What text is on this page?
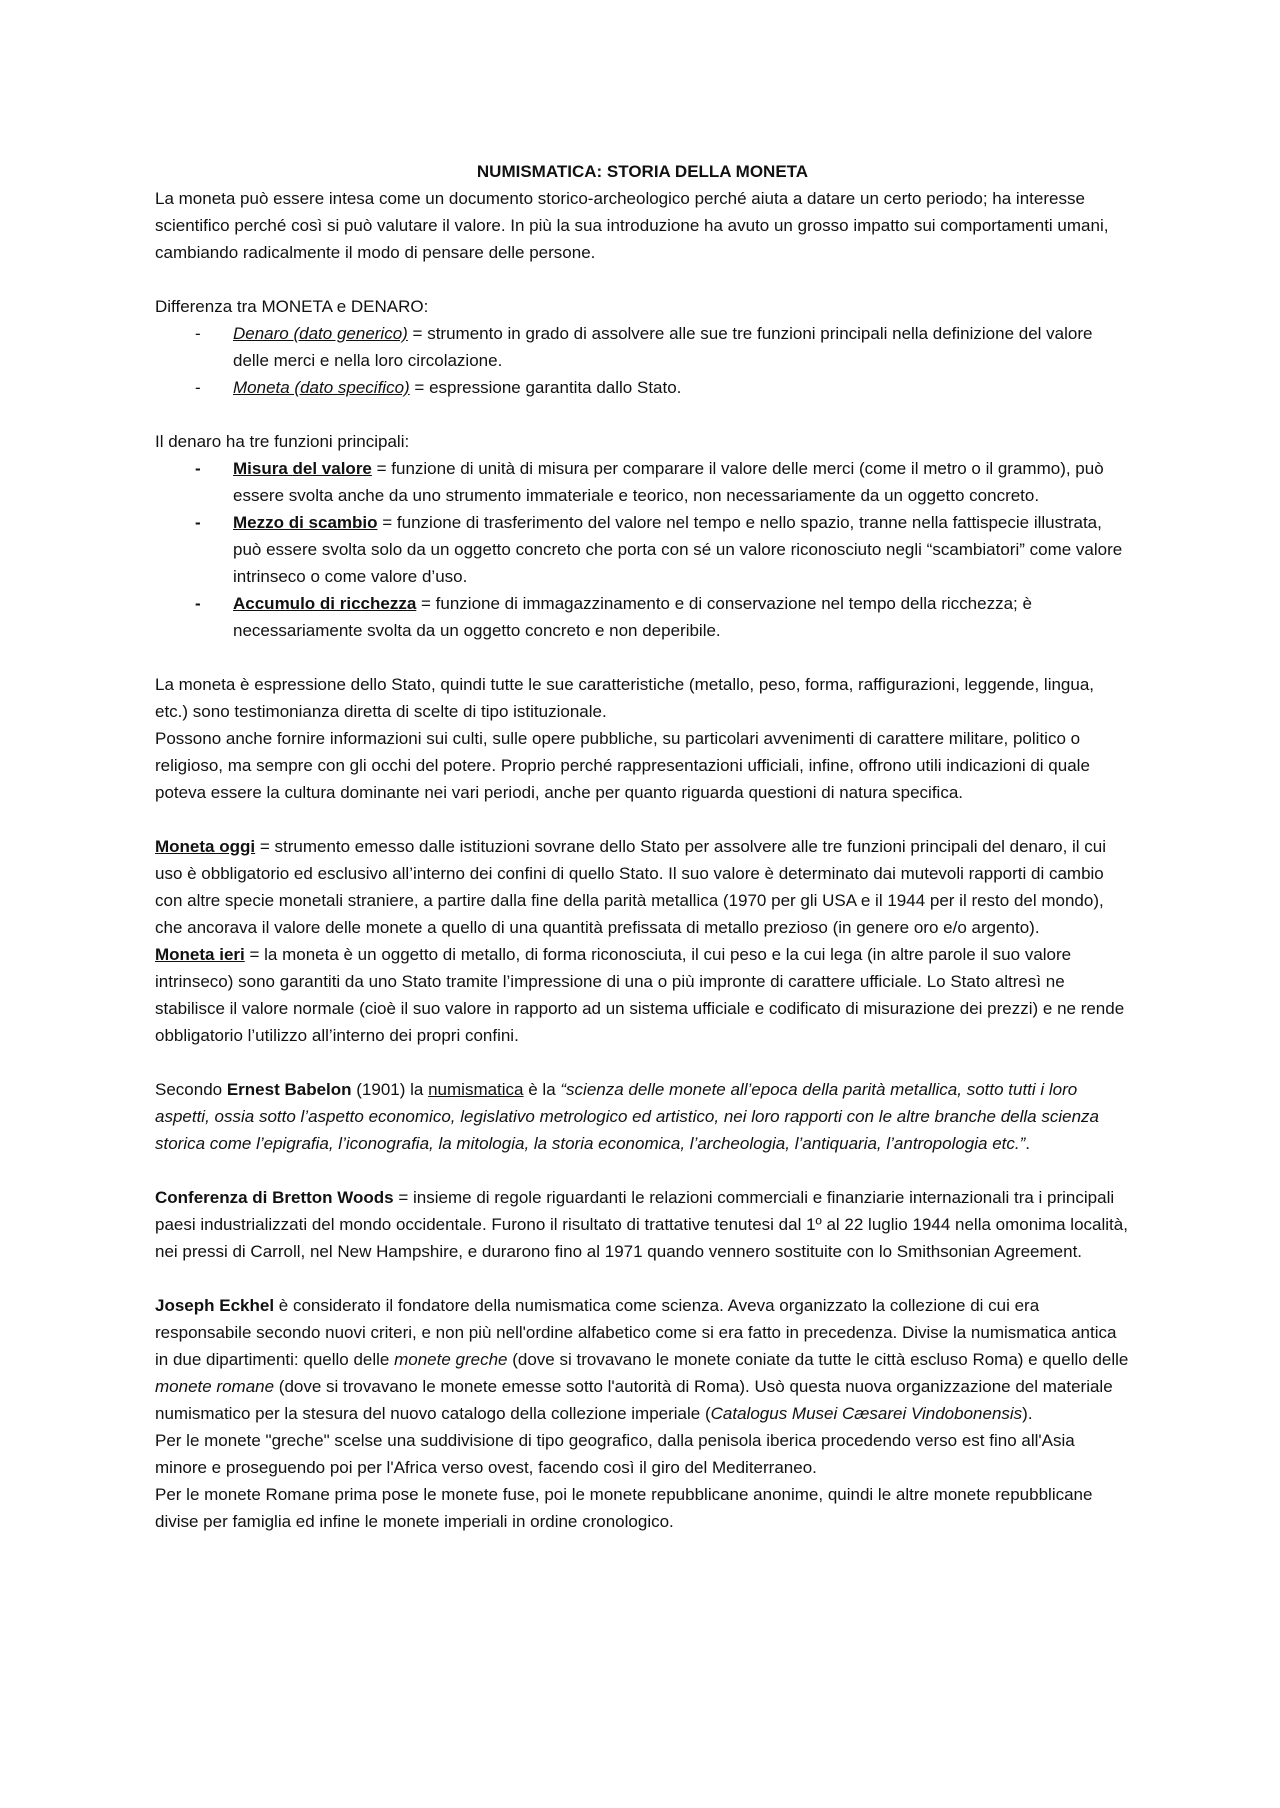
NUMISMATICA: STORIA DELLA MONETA

La moneta può essere intesa come un documento storico-archeologico perché aiuta a datare un certo periodo; ha interesse scientifico perché così si può valutare il valore. In più la sua introduzione ha avuto un grosso impatto sui comportamenti umani, cambiando radicalmente il modo di pensare delle persone.

Differenza tra MONETA e DENARO:

- Denaro (dato generico) = strumento in grado di assolvere alle sue tre funzioni principali nella definizione del valore delle merci e nella loro circolazione.
- Moneta (dato specifico) = espressione garantita dallo Stato.

Il denaro ha tre funzioni principali:

- Misura del valore = funzione di unità di misura per comparare il valore delle merci (come il metro o il grammo), può essere svolta anche da uno strumento immateriale e teorico, non necessariamente da un oggetto concreto.
- Mezzo di scambio = funzione di trasferimento del valore nel tempo e nello spazio, tranne nella fattispecie illustrata, può essere svolta solo da un oggetto concreto che porta con sé un valore riconosciuto negli “scambiatori” come valore intrinseco o come valore d’uso.
- Accumulo di ricchezza = funzione di immagazzinamento e di conservazione nel tempo della ricchezza; è necessariamente svolta da un oggetto concreto e non deperibile.

La moneta è espressione dello Stato, quindi tutte le sue caratteristiche (metallo, peso, forma, raffigurazioni, leggende, lingua, etc.) sono testimonianza diretta di scelte di tipo istituzionale.

Possono anche fornire informazioni sui culti, sulle opere pubbliche, su particolari avvenimenti di carattere militare, politico o religioso, ma sempre con gli occhi del potere. Proprio perché rappresentazioni ufficiali, infine, offrono utili indicazioni di quale poteva essere la cultura dominante nei vari periodi, anche per quanto riguarda questioni di natura specifica.

Moneta oggi = strumento emesso dalle istituzioni sovrane dello Stato per assolvere alle tre funzioni principali del denaro, il cui uso è obbligatorio ed esclusivo all’interno dei confini di quello Stato. Il suo valore è determinato dai mutevoli rapporti di cambio con altre specie monetali straniere, a partire dalla fine della parità metallica (1970 per gli USA e il 1944 per il resto del mondo), che ancorava il valore delle monete a quello di una quantità prefissata di metallo prezioso (in genere oro e/o argento).

Moneta ieri = la moneta è un oggetto di metallo, di forma riconosciuta, il cui peso e la cui lega (in altre parole il suo valore intrinseco) sono garantiti da uno Stato tramite l’impressione di una o più impronte di carattere ufficiale. Lo Stato altresì ne stabilisce il valore normale (cioè il suo valore in rapporto ad un sistema ufficiale e codificato di misurazione dei prezzi) e ne rende obbligatorio l’utilizzo all’interno dei propri confini.

Secondo Ernest Babelon (1901) la numismatica è la “scienza delle monete all’epoca della parità metallica, sotto tutti i loro aspetti, ossia sotto l’aspetto economico, legislativo metrologico ed artistico, nei loro rapporti con le altre branche della scienza storica come l’epigrafia, l’iconografia, la mitologia, la storia economica, l’archeologia, l’antiquaria, l’antropologia etc.”.

Conferenza di Bretton Woods = insieme di regole riguardanti le relazioni commerciali e finanziarie internazionali tra i principali paesi industrializzati del mondo occidentale. Furono il risultato di trattative tenutesi dal 1º al 22 luglio 1944 nella omonima località, nei pressi di Carroll, nel New Hampshire, e durarono fino al 1971 quando vennero sostituite con lo Smithsonian Agreement.

Joseph Eckhel è considerato il fondatore della numismatica come scienza. Aveva organizzato la collezione di cui era responsabile secondo nuovi criteri, e non più nell'ordine alfabetico come si era fatto in precedenza. Divise la numismatica antica in due dipartimenti: quello delle monete greche (dove si trovavano le monete coniate da tutte le città escluso Roma) e quello delle monete romane (dove si trovavano le monete emesse sotto l'autorità di Roma). Usò questa nuova organizzazione del materiale numismatico per la stesura del nuovo catalogo della collezione imperiale (Catalogus Musei Cæsarei Vindobonensis).

Per le monete "greche" scelse una suddivisione di tipo geografico, dalla penisola iberica procedendo verso est fino all'Asia minore e proseguendo poi per l'Africa verso ovest, facendo così il giro del Mediterraneo.

Per le monete Romane prima pose le monete fuse, poi le monete repubblicane anonime, quindi le altre monete repubblicane divise per famiglia ed infine le monete imperiali in ordine cronologico.
